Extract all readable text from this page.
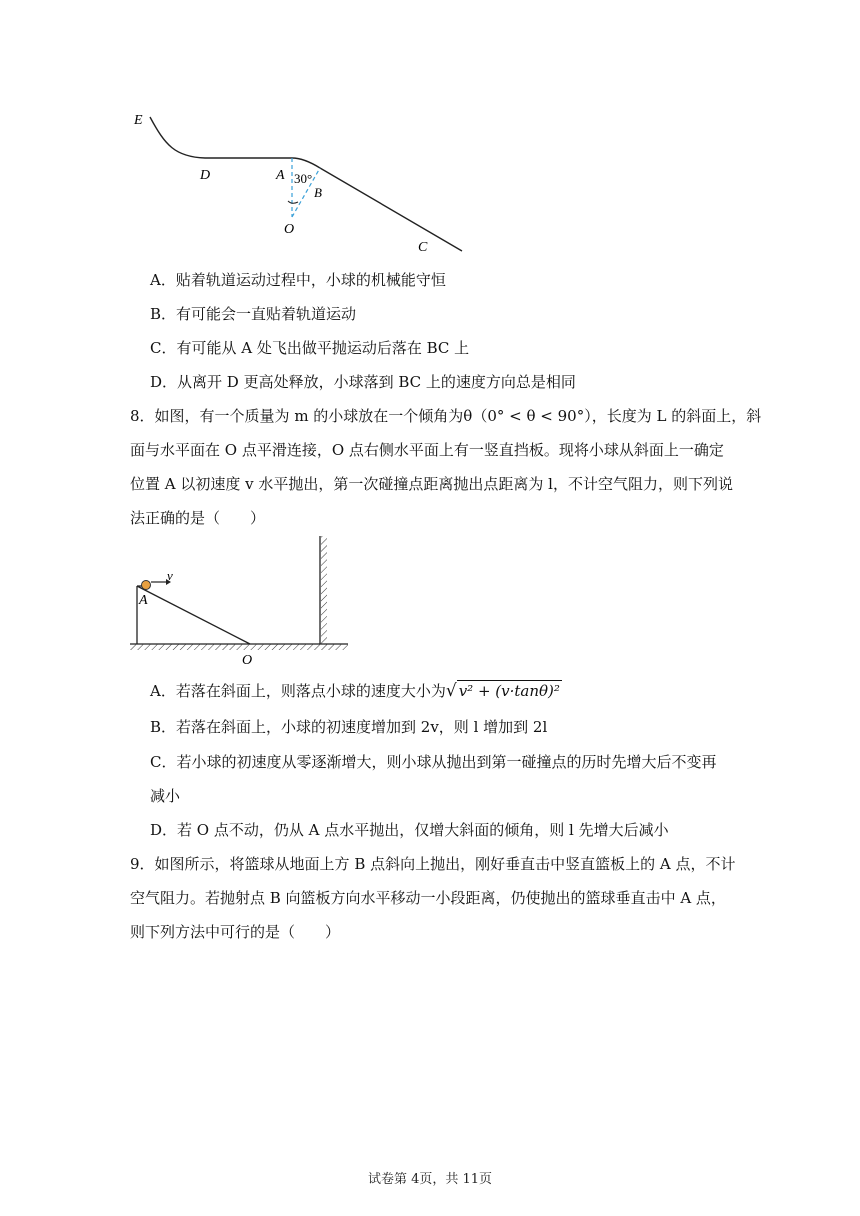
E
D	A 30°
B
O
C
A．贴着轨道运动过程中，小球的机械能守恒
B．有可能会一直贴着轨道运动
C．有可能从 A 处飞出做平抛运动后落在 BC 上
D．从离开 D 更高处释放，小球落到 BC 上的速度方向总是相同
8．如图，有一个质量为 m 的小球放在一个倾角为θ（0° < θ < 90°），长度为 L 的斜面上，斜
面与水平面在 O 点平滑连接，O 点右侧水平面上有一竖直挡板。现将小球从斜面上一确定
位置 A 以初速度 v 水平抛出，第一次碰撞点距离抛出点距离为 l，不计空气阻力，则下列说
法正确的是（　　）
v
A
O
A．若落在斜面上，则落点小球的速度大小为√ v² + (v·tanθ)²
B．若落在斜面上，小球的初速度增加到 2v，则 l 增加到 2l
C．若小球的初速度从零逐渐增大，则小球从抛出到第一碰撞点的历时先增大后不变再
减小
D．若 O 点不动，仍从 A 点水平抛出，仅增大斜面的倾角，则 l 先增大后减小
9．如图所示，将篮球从地面上方 B 点斜向上抛出，刚好垂直击中竖直篮板上的 A 点，不计
空气阻力。若抛射点 B 向篮板方向水平移动一小段距离，仍使抛出的篮球垂直击中 A 点，
则下列方法中可行的是（　　）
试卷第 4页，共 11页
